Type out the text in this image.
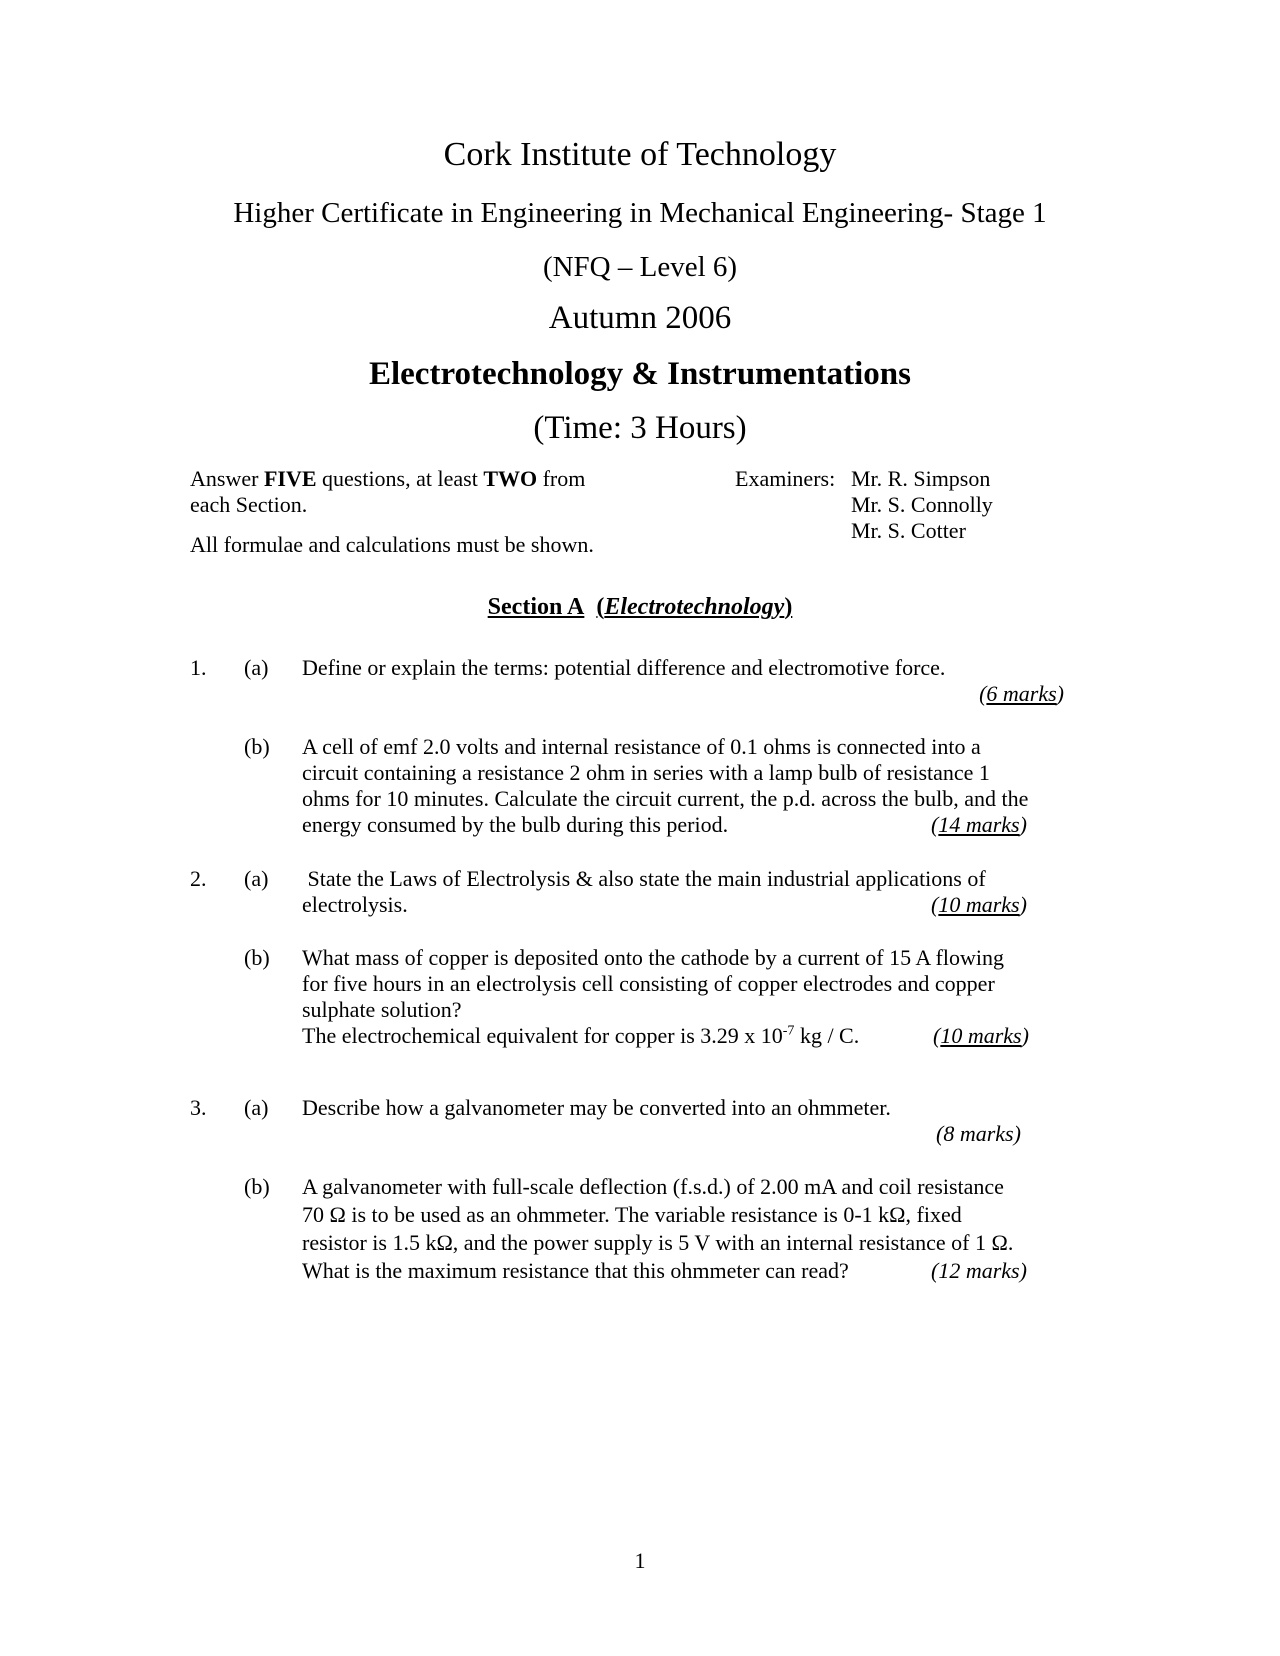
Cork Institute of Technology
Higher Certificate in Engineering in Mechanical Engineering- Stage 1
(NFQ – Level 6)
Autumn 2006
Electrotechnology & Instrumentations
(Time: 3 Hours)
Answer FIVE questions, at least TWO from each Section.
All formulae and calculations must be shown.
Examiners: Mr. R. Simpson
Mr. S. Connolly
Mr. S. Cotter
Section A (Electrotechnology)
1. (a) Define or explain the terms: potential difference and electromotive force.
(6 marks)
(b) A cell of emf 2.0 volts and internal resistance of 0.1 ohms is connected into a
circuit containing a resistance 2 ohm in series with a lamp bulb of resistance 1
ohms for 10 minutes. Calculate the circuit current, the p.d. across the bulb, and the
energy consumed by the bulb during this period.	(14 marks)
2. (a) State the Laws of Electrolysis & also state the main industrial applications of
electrolysis.	(10 marks)
(b) What mass of copper is deposited onto the cathode by a current of 15 A flowing
for five hours in an electrolysis cell consisting of copper electrodes and copper
sulphate solution?
The electrochemical equivalent for copper is 3.29 x $10^{-7}$ kg / C.	(10 marks)
3. (a) Describe how a galvanometer may be converted into an ohmmeter.
(8 marks)
(b) A galvanometer with full-scale deflection (f.s.d.) of 2.00 mA and coil resistance
70 Ω is to be used as an ohmmeter. The variable resistance is 0-1 kΩ, fixed
resistor is 1.5 kΩ, and the power supply is 5 V with an internal resistance of 1 Ω.
What is the maximum resistance that this ohmmeter can read?	(12 marks)
1
